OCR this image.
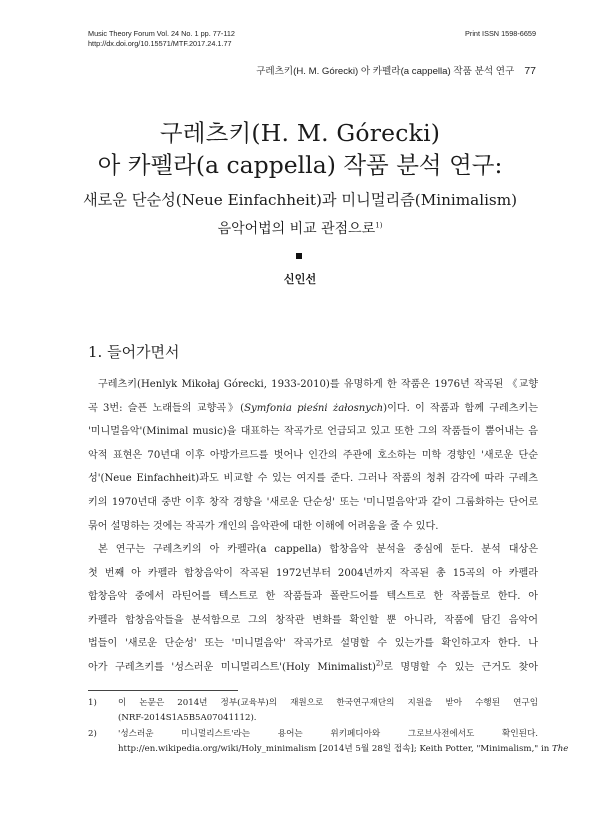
Music Theory Forum Vol. 24 No. 1 pp. 77-112
http://dx.doi.org/10.15571/MTF.2017.24.1.77
Print ISSN 1598-6659
구레츠키(H. M. Górecki) 아 카펠라(a cappella) 작품 분석 연구 77
구레츠키(H. M. Górecki)
아 카펠라(a cappella) 작품 분석 연구:
새로운 단순성(Neue Einfachheit)과 미니멀리즘(Minimalism)
음악어법의 비교 관점으로$^{1)}$
신인선
1. 들어가면서
구레츠키(Henlyk Mikołaj Górecki, 1933-2010)를 유명하게 한 작품은 1976년 작곡된 《교향
곡 3번: 슬픈 노래들의 교향곡》(Symfonia pieśni żałosnych)이다. 이 작품과 함께 구레츠키는
'미니멀음악'(Minimal music)을 대표하는 작곡가로 언급되고 있고 또한 그의 작품들이 뿜어내는 음
악적 표현은 70년대 이후 아방가르드를 벗어나 인간의 주관에 호소하는 미학 경향인 '새로운 단순
성'(Neue Einfachheit)과도 비교할 수 있는 여지를 준다. 그러나 작품의 청취 감각에 따라 구레츠
키의 1970년대 중반 이후 창작 경향을 '새로운 단순성' 또는 '미니멀음악'과 같이 그룹화하는 단어로
묶어 설명하는 것에는 작곡가 개인의 음악관에 대한 이해에 어려움을 줄 수 있다.
본 연구는 구레츠키의 아 카펠라(a cappella) 합창음악 분석을 중심에 둔다. 분석 대상은
첫 번째 아 카펠라 합창음악이 작곡된 1972년부터 2004년까지 작곡된 총 15곡의 아 카펠라
합창음악 중에서 라틴어를 텍스트로 한 작품들과 폴란드어를 텍스트로 한 작품들로 한다. 아
카펠라 합창음악들을 분석함으로 그의 창작관 변화를 확인할 뿐 아니라, 작품에 담긴 음악어
법들이 '새로운 단순성' 또는 '미니멀음악' 작곡가로 설명할 수 있는가를 확인하고자 한다. 나
아가 구레츠키를 '성스러운 미니멀리스트'(Holy Minimalist)$^{2)}$로 명명할 수 있는 근거도 찾아
1)	이 논문은 2014년 정부(교육부)의 재원으로 한국연구재단의 지원을 받아 수행된 연구임
(NRF-2014S1A5B5A07041112).
2)	'성스러운 미니멀리스트'라는 용어는 위키페디아와 그로브사전에서도 확인된다.
http://en.wikipedia.org/wiki/Holy_minimalism [2014년 5월 28일 접속]; Keith Potter, "Minimalism," in The
